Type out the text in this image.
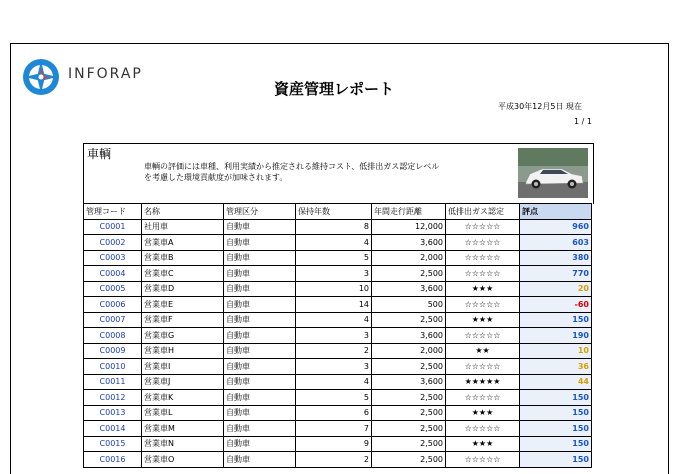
INFORAP
資産管理レポート
平成30年12月5日 現在
1 / 1
車輌
車輌の評価には車種、利用実績から推定される維持コスト、低排出ガス認定レベル
を考慮した環境貢献度が加味されます。
管理コード	名称	管理区分	保持年数	年間走行距離	低排出ガス認定	評点
C0001	社用車	自動車	8	12,000	☆☆☆☆☆	960
C0002	営業車A	自動車	4	3,600	☆☆☆☆☆	603
C0003	営業車B	自動車	5	2,000	☆☆☆☆☆	380
C0004	営業車C	自動車	3	2,500	☆☆☆☆☆	770
C0005	営業車D	自動車	10	3,600	★★★	20
C0006	営業車E	自動車	14	500	☆☆☆☆☆	-60
C0007	営業車F	自動車	4	2,500	★★★	150
C0008	営業車G	自動車	3	3,600	☆☆☆☆☆	190
C0009	営業車H	自動車	2	2,000	★★	10
C0010	営業車I	自動車	3	2,500	☆☆☆☆☆	36
C0011	営業車J	自動車	4	3,600	★★★★★	44
C0012	営業車K	自動車	5	2,500	☆☆☆☆☆	150
C0013	営業車L	自動車	6	2,500	★★★	150
C0014	営業車M	自動車	7	2,500	☆☆☆☆☆	150
C0015	営業車N	自動車	9	2,500	★★★	150
C0016	営業車O	自動車	2	2,500	☆☆☆☆☆	150
